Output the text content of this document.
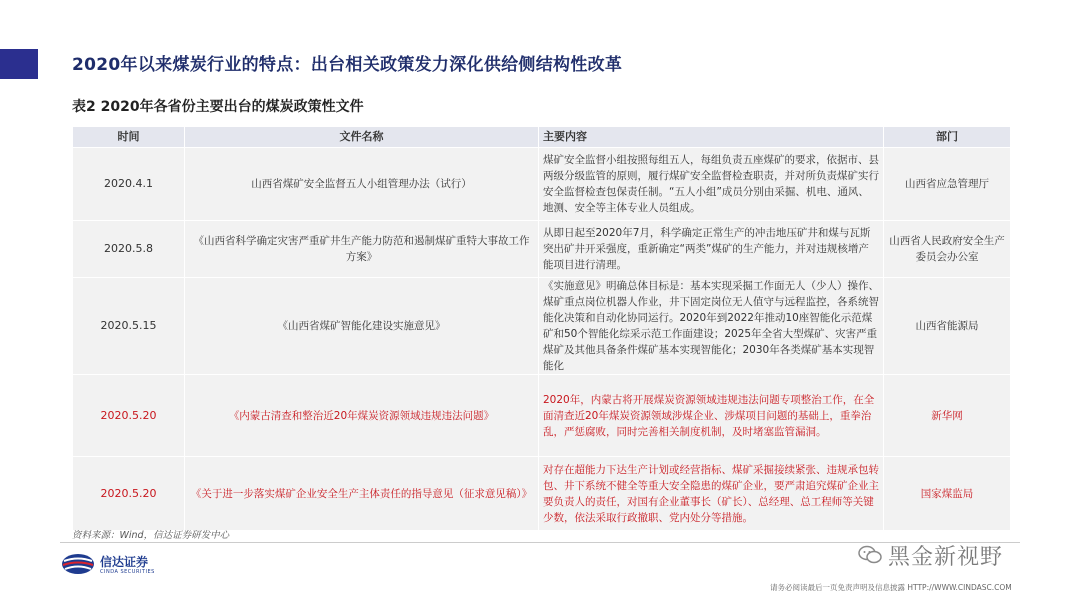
2020年以来煤炭行业的特点：出台相关政策发力深化供给侧结构性改革
表2 2020年各省份主要出台的煤炭政策性文件
时间	文件名称	主要内容	部门
2020.4.1	山西省煤矿安全监督五人小组管理办法（试行）	煤矿安全监督小组按照每组五人，每组负责五座煤矿的要求，依据市、县两级分级监管的原则，履行煤矿安全监督检查职责，并对所负责煤矿实行安全监督检查包保责任制。“五人小组”成员分别由采掘、机电、通风、地测、安全等主体专业人员组成。	山西省应急管理厅
2020.5.8	《山西省科学确定灾害严重矿井生产能力防范和遏制煤矿重特大事故工作方案》	从即日起至2020年7月，科学确定正常生产的冲击地压矿井和煤与瓦斯突出矿井开采强度，重新确定“两类”煤矿的生产能力，并对违规核增产能项目进行清理。	山西省人民政府安全生产委员会办公室
2020.5.15	《山西省煤矿智能化建设实施意见》	《实施意见》明确总体目标是：基本实现采掘工作面无人（少人）操作、煤矿重点岗位机器人作业，井下固定岗位无人值守与远程监控，各系统智能化决策和自动化协同运行。2020年到2022年推动10座智能化示范煤矿和50个智能化综采示范工作面建设；2025年全省大型煤矿、灾害严重煤矿及其他具备条件煤矿基本实现智能化；2030年各类煤矿基本实现智能化	山西省能源局
2020.5.20	《内蒙古清查和整治近20年煤炭资源领域违规违法问题》	2020年，内蒙古将开展煤炭资源领域违规违法问题专项整治工作，在全面清查近20年煤炭资源领域涉煤企业、涉煤项目问题的基础上，重拳治乱，严惩腐败，同时完善相关制度机制，及时堵塞监管漏洞。	新华网
2020.5.20	《关于进一步落实煤矿企业安全生产主体责任的指导意见（征求意见稿）》	对存在超能力下达生产计划或经营指标、煤矿采掘接续紧张、违规承包转包、井下系统不健全等重大安全隐患的煤矿企业，要严肃追究煤矿企业主要负责人的责任，对国有企业董事长（矿长）、总经理、总工程师等关键少数，依法采取行政撤职、党内处分等措施。	国家煤监局
资料来源：Wind，信达证券研发中心
信达证券
CINDA SECURITIES
黑金新视野
请务必阅读最后一页免责声明及信息披露 HTTP://WWW.CINDASC.COM
